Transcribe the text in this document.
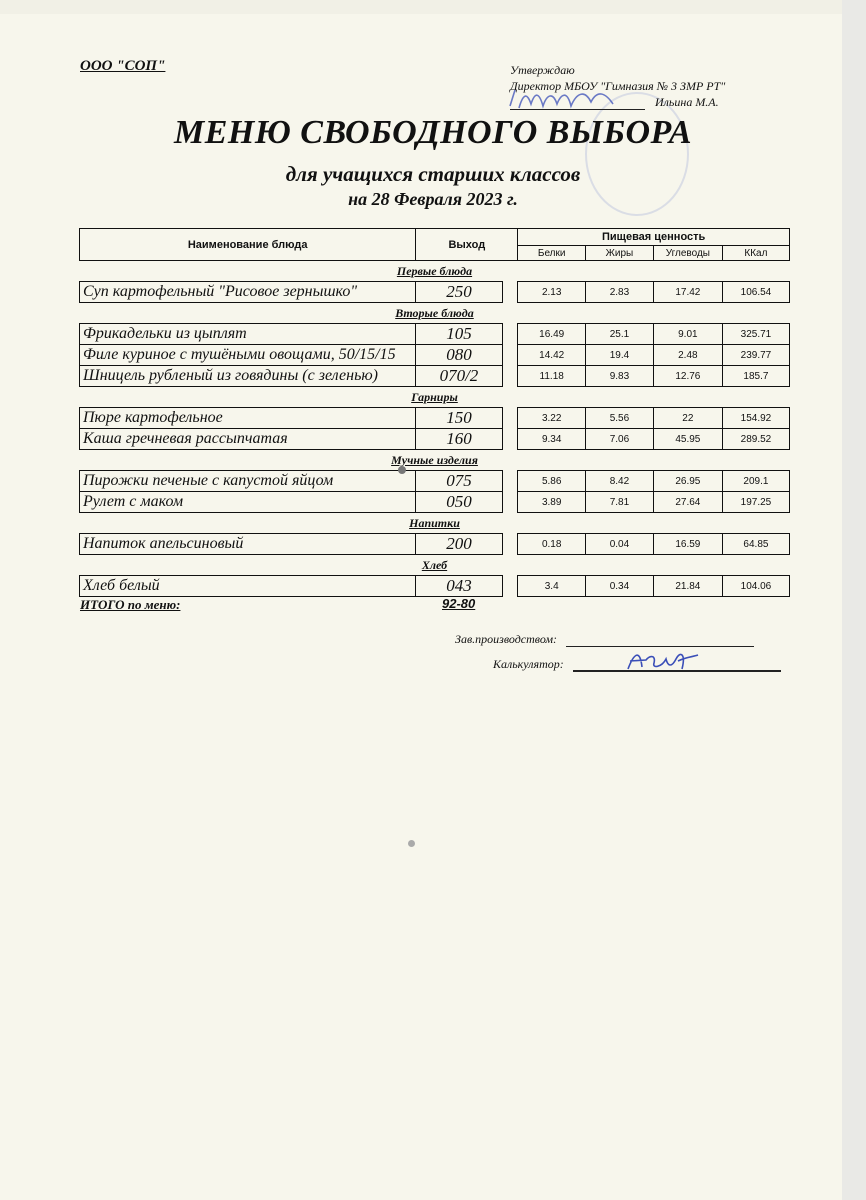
ООО "СОП"	Утверждаю
Директор МБОУ "Гимназия № 3 ЗМР РТ"
Ильина М.А.
МЕНЮ СВОБОДНОГО ВЫБОРА
для учащихся старших классов
на 28 Февраля 2023 г.
Наименование блюда	Выход		Пищевая ценность			
			Белки	Жиры	Углеводы	ККал
Первые блюда						
Суп картофельный "Рисовое зернышко"	250		2.13	2.83	17.42	106.54
Вторые блюда						
Фрикадельки из цыплят	105		16.49	25.1	9.01	325.71
Филе куриное с тушёными овощами, 50/15/15	080		14.42	19.4	2.48	239.77
Шницель рубленый из говядины (с зеленью)	070/2		11.18	9.83	12.76	185.7
Гарниры						
Пюре картофельное	150		3.22	5.56	22	154.92
Каша гречневая рассыпчатая	160		9.34	7.06	45.95	289.52
Мучные изделия						
Пирожки печеные с капустой яйцом	075		5.86	8.42	26.95	209.1
Рулет с маком	050		3.89	7.81	27.64	197.25
Напитки						
Напиток апельсиновый	200		0.18	0.04	16.59	64.85
Хлеб						
Хлеб белый	043		3.4	0.34	21.84	104.06
ИТОГО по меню:	92-80
Зав.производством:
Калькулятор:
